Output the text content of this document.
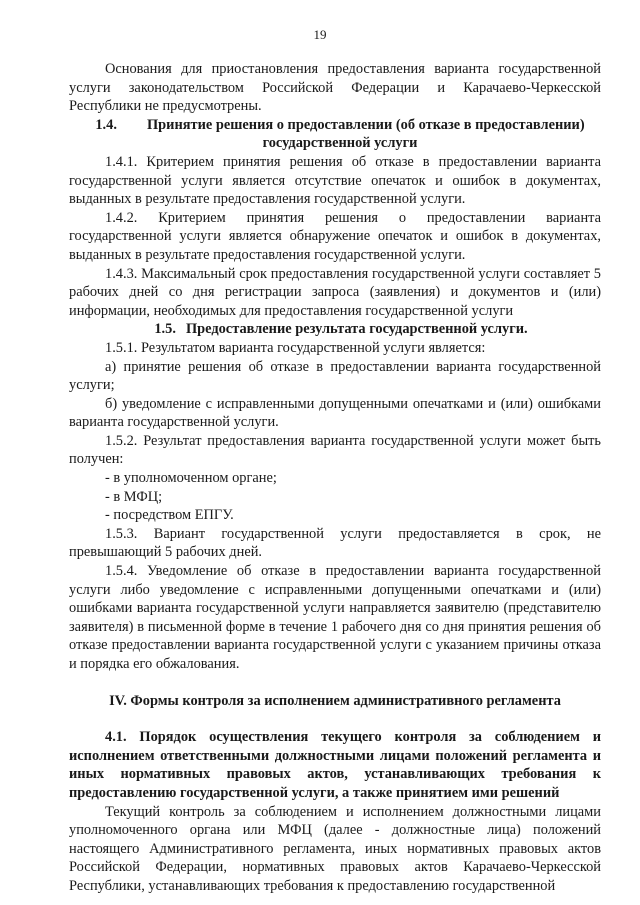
19

Основания для приостановления предоставления варианта государственной услуги законодательством Российской Федерации и Карачаево-Черкесской Республики не предусмотрены.

1.4. Принятие решения о предоставлении (об отказе в предоставлении) государственной услуги

1.4.1. Критерием принятия решения об отказе в предоставлении варианта государственной услуги является отсутствие опечаток и ошибок в документах, выданных в результате предоставления государственной услуги.

1.4.2. Критерием принятия решения о предоставлении варианта государственной услуги является обнаружение опечаток и ошибок в документах, выданных в результате предоставления государственной услуги.

1.4.3. Максимальный срок предоставления государственной услуги составляет 5 рабочих дней со дня регистрации запроса (заявления) и документов и (или) информации, необходимых для предоставления государственной услуги

1.5. Предоставление результата государственной услуги.

1.5.1. Результатом варианта государственной услуги является:

а) принятие решения об отказе в предоставлении варианта государственной услуги;

б) уведомление с исправленными допущенными опечатками и (или) ошибками варианта государственной услуги.

1.5.2. Результат предоставления варианта государственной услуги может быть получен:

- в уполномоченном органе;

- в МФЦ;

- посредством ЕПГУ.

1.5.3. Вариант государственной услуги предоставляется в срок, не превышающий 5 рабочих дней.

1.5.4. Уведомление об отказе в предоставлении варианта государственной услуги либо уведомление с исправленными допущенными опечатками и (или) ошибками варианта государственной услуги направляется заявителю (представителю заявителя) в письменной форме в течение 1 рабочего дня со дня принятия решения об отказе предоставлении варианта государственной услуги с указанием причины отказа и порядка его обжалования.

IV. Формы контроля за исполнением административного регламента

4.1. Порядок осуществления текущего контроля за соблюдением и исполнением ответственными должностными лицами положений регламента и иных нормативных правовых актов, устанавливающих требования к предоставлению государственной услуги, а также принятием ими решений

Текущий контроль за соблюдением и исполнением должностными лицами уполномоченного органа или МФЦ (далее - должностные лица) положений настоящего Административного регламента, иных нормативных правовых актов Российской Федерации, нормативных правовых актов Карачаево-Черкесской Республики, устанавливающих требования к предоставлению государственной
